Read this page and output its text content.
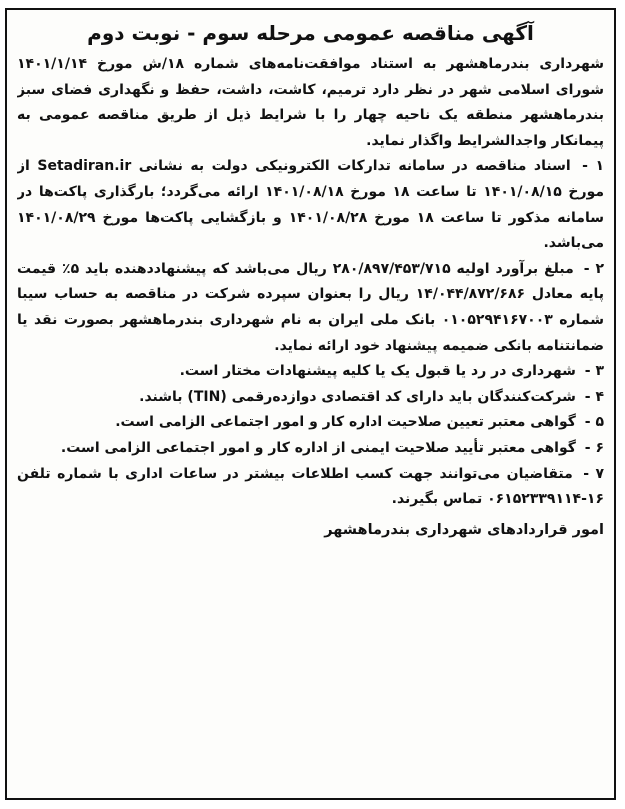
آگهی مناقصه عمومی مرحله سوم - نوبت دوم

شهرداری بندرماهشهر به استناد موافقت‌نامه‌های شماره ۱۸/ش مورخ ۱۴۰۱/۱/۱۴ شورای اسلامی شهر در نظر دارد ترمیم، کاشت، داشت، حفظ و نگهداری فضای سبز بندرماهشهر منطقه یک ناحیه چهار را با شرایط ذیل از طریق مناقصه عمومی به پیمانکار واجدالشرایط واگذار نماید.

۱ - اسناد مناقصه در سامانه تدارکات الکترونیکی دولت به نشانی Setadiran.ir از مورخ ۱۴۰۱/۰۸/۱۵ تا ساعت ۱۸ مورخ ۱۴۰۱/۰۸/۱۸ ارائه می‌گردد؛ بارگذاری پاکت‌ها در سامانه مذکور تا ساعت ۱۸ مورخ ۱۴۰۱/۰۸/۲۸ و بازگشایی پاکت‌ها مورخ ۱۴۰۱/۰۸/۲۹ می‌باشد.

۲ - مبلغ برآورد اولیه ۲۸۰/۸۹۷/۴۵۳/۷۱۵ ریال می‌باشد که پیشنهاددهنده باید ۵٪ قیمت پایه معادل ۱۴/۰۴۴/۸۷۲/۶۸۶ ریال را بعنوان سپرده شرکت در مناقصه به حساب سیبا شماره ۰۱۰۵۲۹۴۱۶۷۰۰۳ بانک ملی ایران به نام شهرداری بندرماهشهر بصورت نقد یا ضمانتنامه بانکی ضمیمه پیشنهاد خود ارائه نماید.

۳ - شهرداری در رد یا قبول یک یا کلیه پیشنهادات مختار است.

۴ - شرکت‌کنندگان باید دارای کد اقتصادی دوازده‌رقمی (TIN) باشند.

۵ - گواهی معتبر تعیین صلاحیت اداره کار و امور اجتماعی الزامی است.

۶ - گواهی معتبر تأیید صلاحیت ایمنی از اداره کار و امور اجتماعی الزامی است.

۷ - متقاضیان می‌توانند جهت کسب اطلاعات بیشتر در ساعات اداری با شماره تلفن ۱۶-۰۶۱۵۲۳۳۹۱۱۴ تماس بگیرند.

امور قراردادهای شهرداری بندرماهشهر
